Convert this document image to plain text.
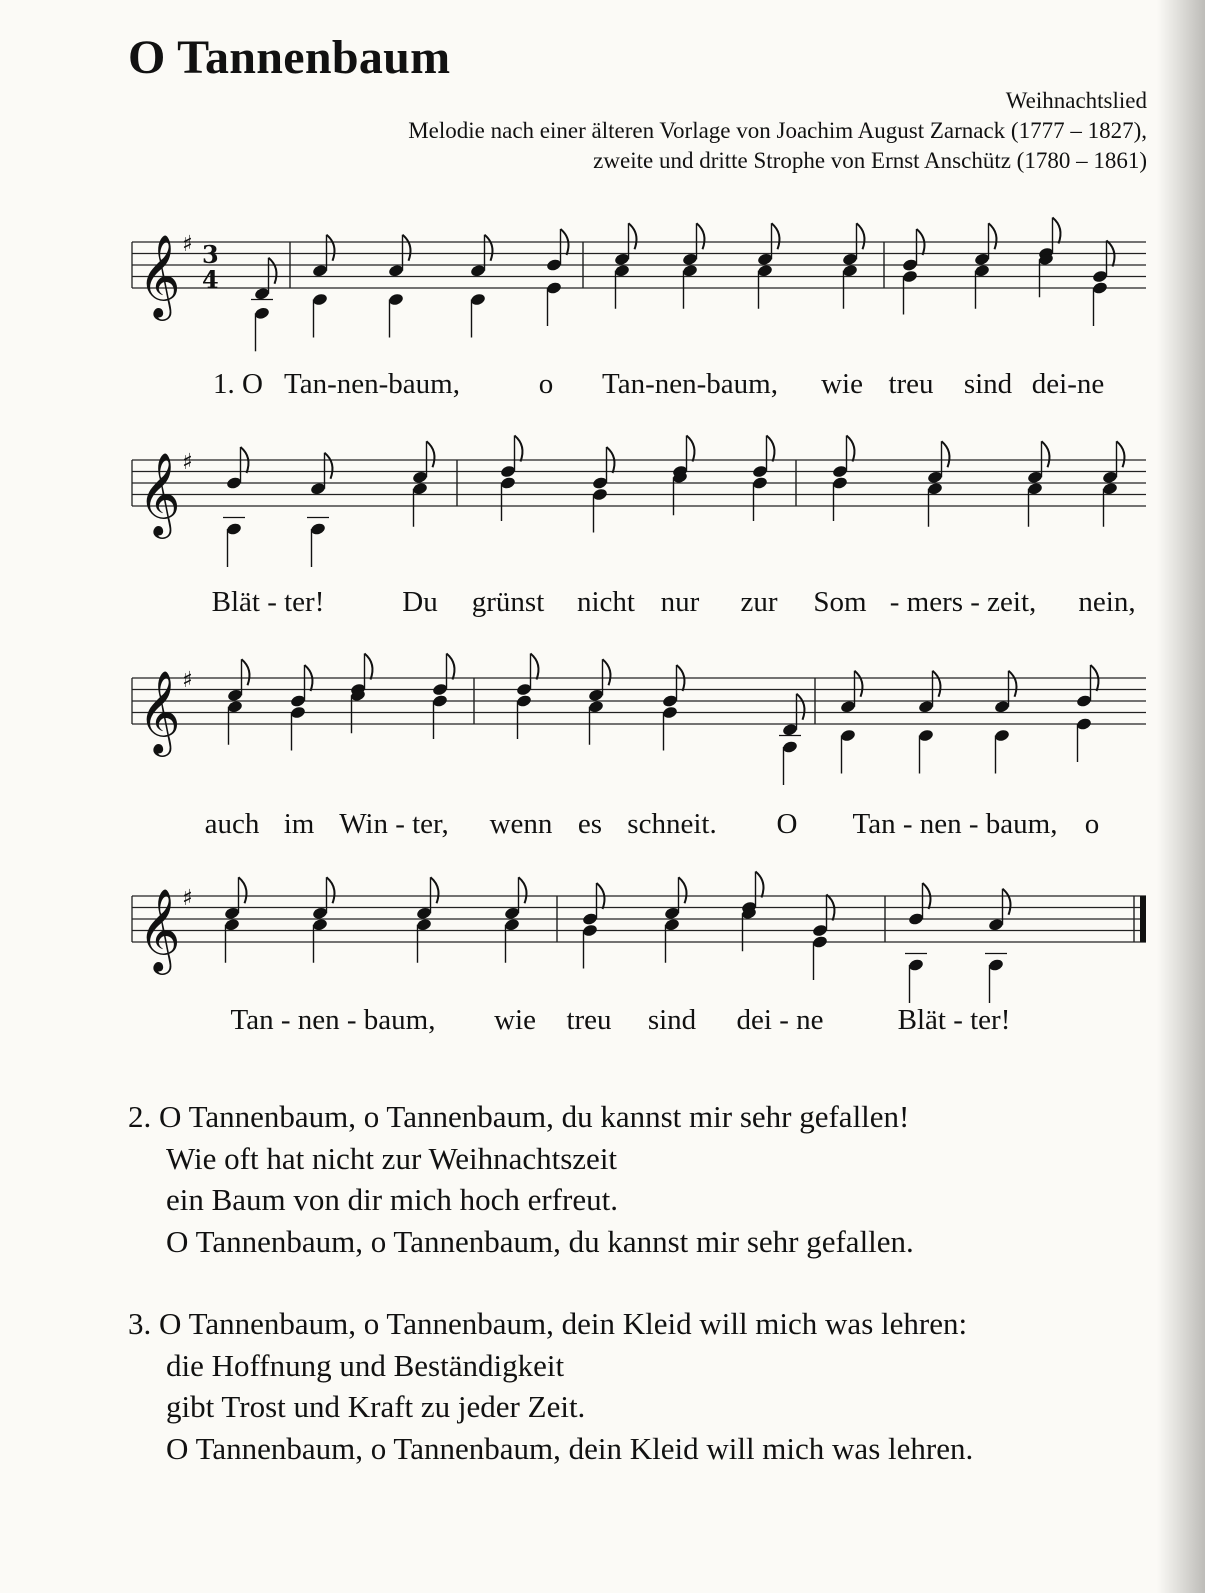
O Tannenbaum
Weihnachtslied
Melodie nach einer älteren Vorlage von Joachim August Zarnack (1777 – 1827),
zweite und dritte Strophe von Ernst Anschütz (1780 – 1861)
𝄞 ♯ 3
4
𝄞 ♯
𝄞 ♯
𝄞 ♯
1. O Tan-nen-baum,	o Tan-nen-baum, wie treu sind dei-ne
Blät - ter!	Du grünst nicht nur zur Som - mers - zeit, nein,
auch im Win - ter, wenn es schneit. O Tan - nen - baum, o
Tan - nen - baum, wie treu sind dei - ne	Blät - ter!
2. O Tannenbaum, o Tannenbaum, du kannst mir sehr gefallen!
Wie oft hat nicht zur Weihnachtszeit
ein Baum von dir mich hoch erfreut.
O Tannenbaum, o Tannenbaum, du kannst mir sehr gefallen.
3. O Tannenbaum, o Tannenbaum, dein Kleid will mich was lehren:
die Hoffnung und Beständigkeit
gibt Trost und Kraft zu jeder Zeit.
O Tannenbaum, o Tannenbaum, dein Kleid will mich was lehren.
